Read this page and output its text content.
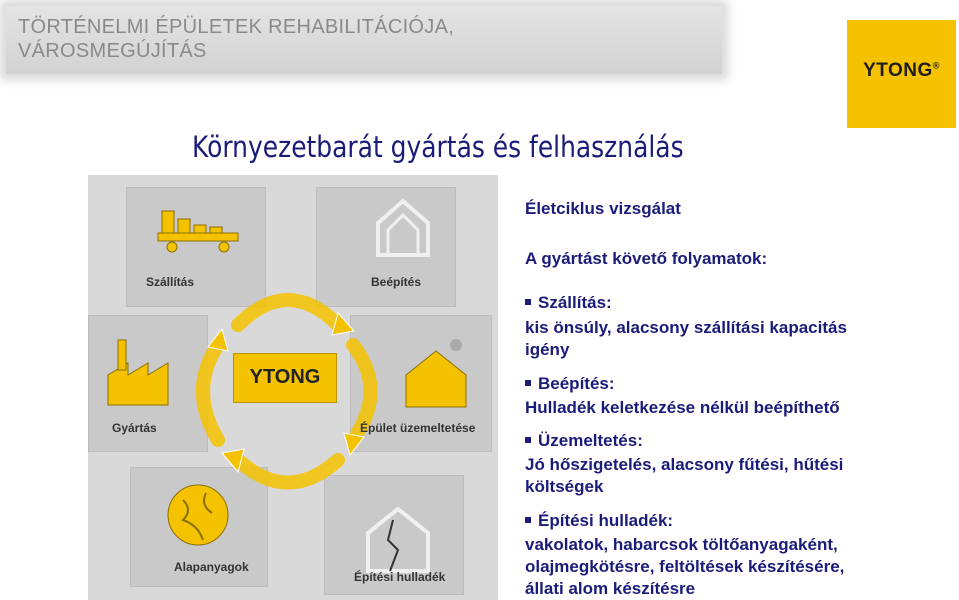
TÖRTÉNELMI ÉPÜLETEK REHABILITÁCIÓJA,
VÁROSMEGÚJÍTÁS
YTONG®
Környezetbarát gyártás és felhasználás
YTONG
Szállítás	Beépítés
Gyártás	Épület üzemeltetése
Alapanyagok
Építési hulladék
Életciklus vizsgálat
A gyártást követő folyamatok:
Szállítás:
kis önsúly, alacsony szállítási kapacitás
igény
Beépítés:
Hulladék keletkezése nélkül beépíthető
Üzemeltetés:
Jó hőszigetelés, alacsony fűtési, hűtési
költségek
Építési hulladék:
vakolatok, habarcsok töltőanyagaként,
olajmegkötésre, feltöltések készítésére,
állati alom készítésre
